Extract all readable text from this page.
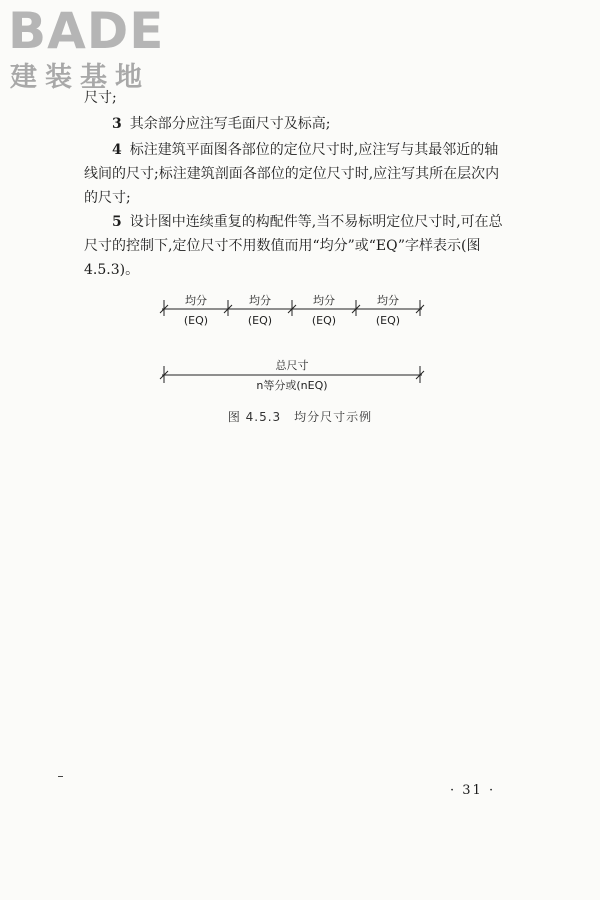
BADE
建装基地
尺寸;
3 其余部分应注写毛面尺寸及标高;
4 标注建筑平面图各部位的定位尺寸时,应注写与其最邻近的轴线间的尺寸;标注建筑剖面各部位的定位尺寸时,应注写其所在层次内的尺寸;
5 设计图中连续重复的构配件等,当不易标明定位尺寸时,可在总尺寸的控制下,定位尺寸不用数值而用“均分”或“EQ”字样表示(图 4.5.3)。
均分
(EQ)
均分
(EQ)
均分
(EQ)
均分
(EQ)
总尺寸
n等分或(nEQ)
图 4.5.3　均分尺寸示例
· 31 ·
